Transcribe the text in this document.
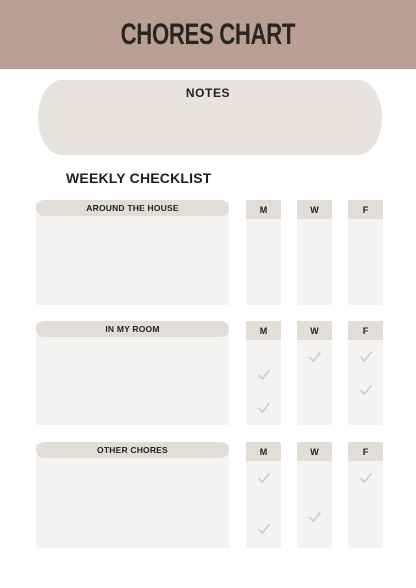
CHORES CHART
NOTES
WEEKLY CHECKLIST
AROUND THE HOUSE	M	W	F
IN MY ROOM	M	W	F
OTHER CHORES	M	W	F
